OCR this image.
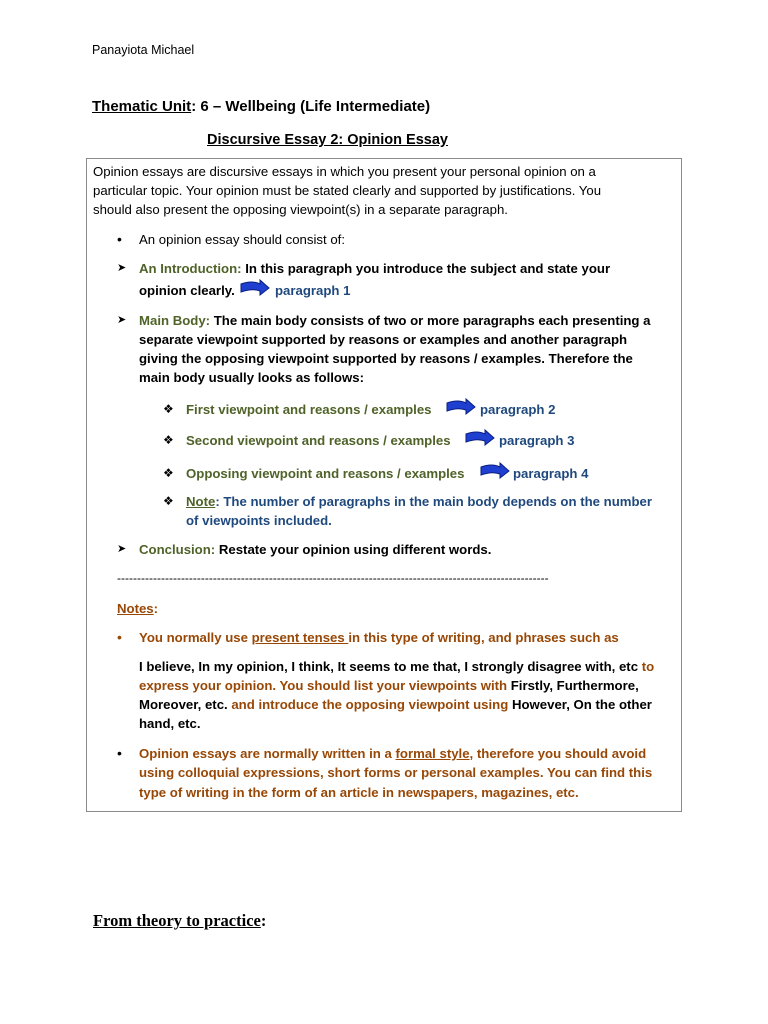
Panayiota Michael
Thematic Unit: 6 – Wellbeing (Life Intermediate)
Discursive Essay 2: Opinion Essay
Opinion essays are discursive essays in which you present your personal opinion on a
particular topic. Your opinion must be stated clearly and supported by justifications. You
should also present the opposing viewpoint(s) in a separate paragraph.
• An opinion essay should consist of:
➤ An Introduction: In this paragraph you introduce the subject and state your
opinion clearly.	paragraph 1
➤ Main Body: The main body consists of two or more paragraphs each presenting a
separate viewpoint supported by reasons or examples and another paragraph
giving the opposing viewpoint supported by reasons / examples. Therefore the
main body usually looks as follows:
❖ First viewpoint and reasons / examples	paragraph 2
❖ Second viewpoint and reasons / examples	paragraph 3
❖ Opposing viewpoint and reasons / examples	paragraph 4
❖ Note: The number of paragraphs in the main body depends on the number
of viewpoints included.
➤ Conclusion: Restate your opinion using different words.
------------------------------------------------------------------------------------------------------------
Notes:
• You normally use present tenses in this type of writing, and phrases such as
I believe, In my opinion, I think, It seems to me that, I strongly disagree with, etc to
express your opinion. You should list your viewpoints with Firstly, Furthermore,
Moreover, etc. and introduce the opposing viewpoint using However, On the other
hand, etc.
• Opinion essays are normally written in a formal style, therefore you should avoid
using colloquial expressions, short forms or personal examples. You can find this
type of writing in the form of an article in newspapers, magazines, etc.
From theory to practice:
